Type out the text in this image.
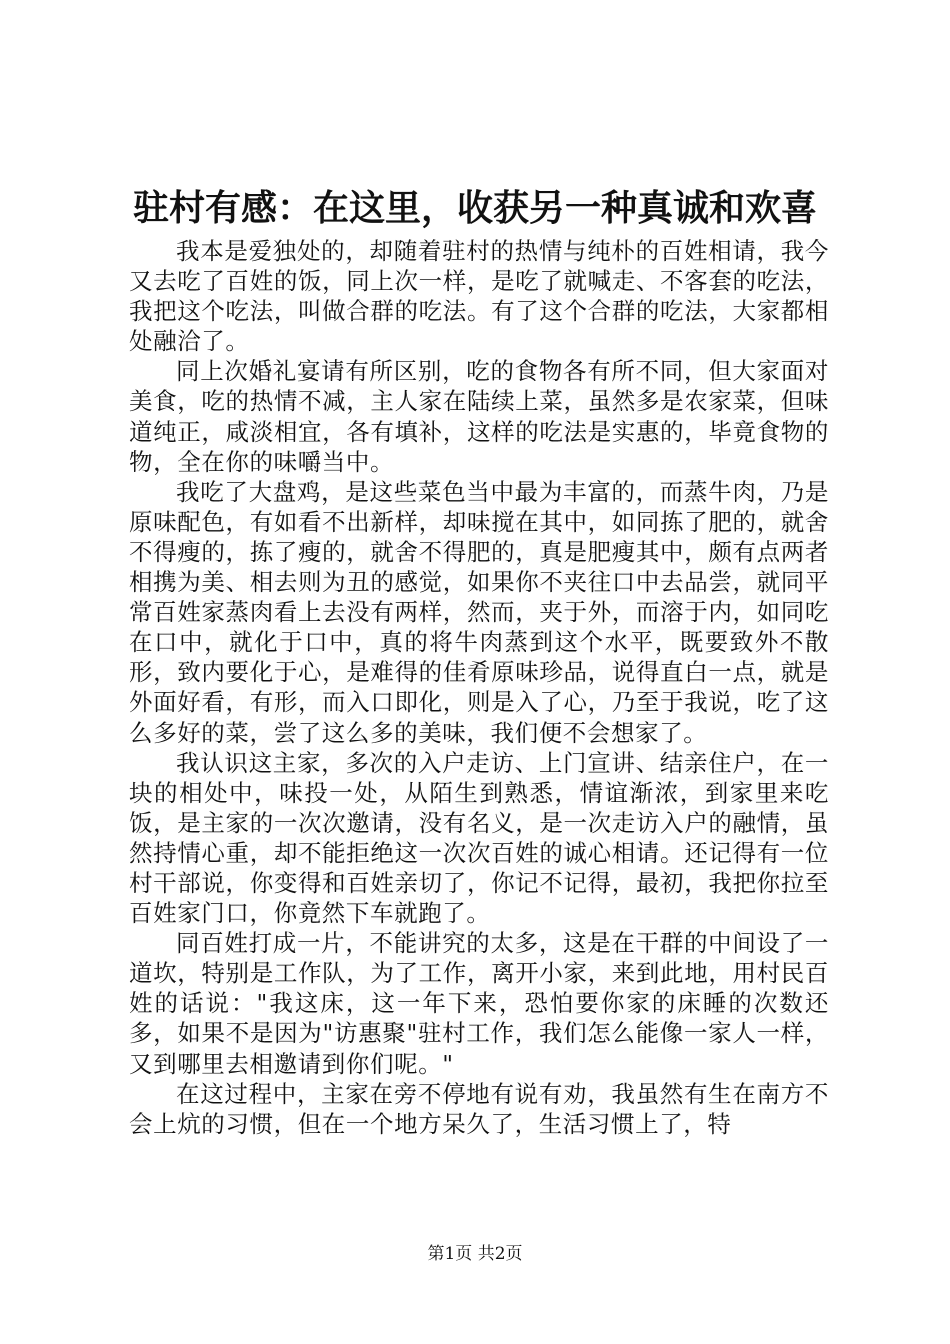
驻村有感：在这里，收获另一种真诚和欢喜

我本是爱独处的，却随着驻村的热情与纯朴的百姓相请，我今又去吃了百姓的饭，同上次一样，是吃了就喊走、不客套的吃法，我把这个吃法，叫做合群的吃法。有了这个合群的吃法，大家都相处融洽了。

同上次婚礼宴请有所区别，吃的食物各有所不同，但大家面对美食，吃的热情不减，主人家在陆续上菜，虽然多是农家菜，但味道纯正，咸淡相宜，各有填补，这样的吃法是实惠的，毕竟食物的物，全在你的味嚼当中。

我吃了大盘鸡，是这些菜色当中最为丰富的，而蒸牛肉，乃是原味配色，有如看不出新样，却味搅在其中，如同拣了肥的，就舍不得瘦的，拣了瘦的，就舍不得肥的，真是肥瘦其中，颇有点两者相携为美、相去则为丑的感觉，如果你不夹往口中去品尝，就同平常百姓家蒸肉看上去没有两样，然而，夹于外，而溶于内，如同吃在口中，就化于口中，真的将牛肉蒸到这个水平，既要致外不散形，致内要化于心，是难得的佳肴原味珍品，说得直白一点，就是外面好看，有形，而入口即化，则是入了心，乃至于我说，吃了这么多好的菜，尝了这么多的美味，我们便不会想家了。

我认识这主家，多次的入户走访、上门宣讲、结亲住户，在一块的相处中，味投一处，从陌生到熟悉，情谊渐浓，到家里来吃饭，是主家的一次次邀请，没有名义，是一次走访入户的融情，虽然持情心重，却不能拒绝这一次次百姓的诚心相请。还记得有一位村干部说，你变得和百姓亲切了，你记不记得，最初，我把你拉至百姓家门口，你竟然下车就跑了。

同百姓打成一片，不能讲究的太多，这是在干群的中间设了一道坎，特别是工作队，为了工作，离开小家，来到此地，用村民百姓的话说："我这床，这一年下来，恐怕要你家的床睡的次数还多，如果不是因为"访惠聚"驻村工作，我们怎么能像一家人一样，又到哪里去相邀请到你们呢。"

在这过程中，主家在旁不停地有说有劝，我虽然有生在南方不会上炕的习惯，但在一个地方呆久了，生活习惯上了，特

第1页 共2页
